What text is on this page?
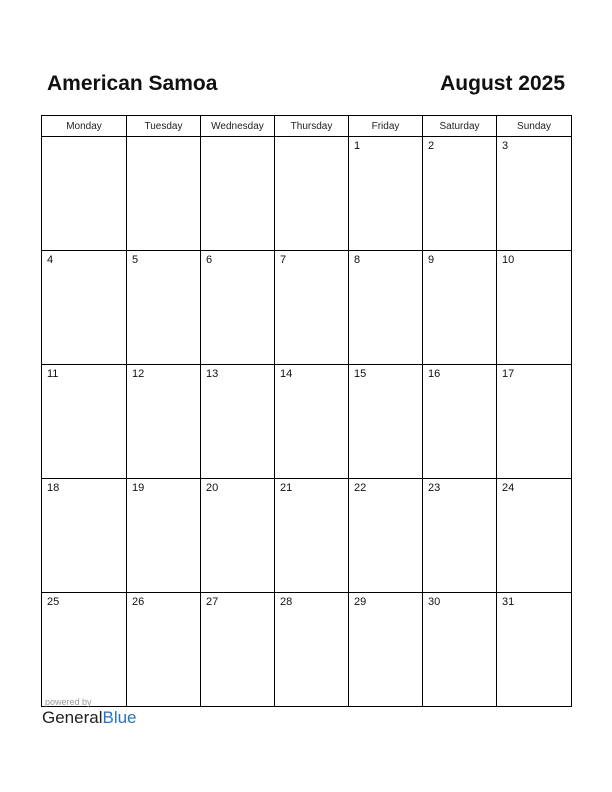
American Samoa	August 2025
Monday	Tuesday	Wednesday	Thursday	Friday	Saturday	Sunday
				1	2	3
4	5	6	7	8	9	10
11	12	13	14	15	16	17
18	19	20	21	22	23	24
25	26	27	28	29	30	31
powered by
GeneralBlue
